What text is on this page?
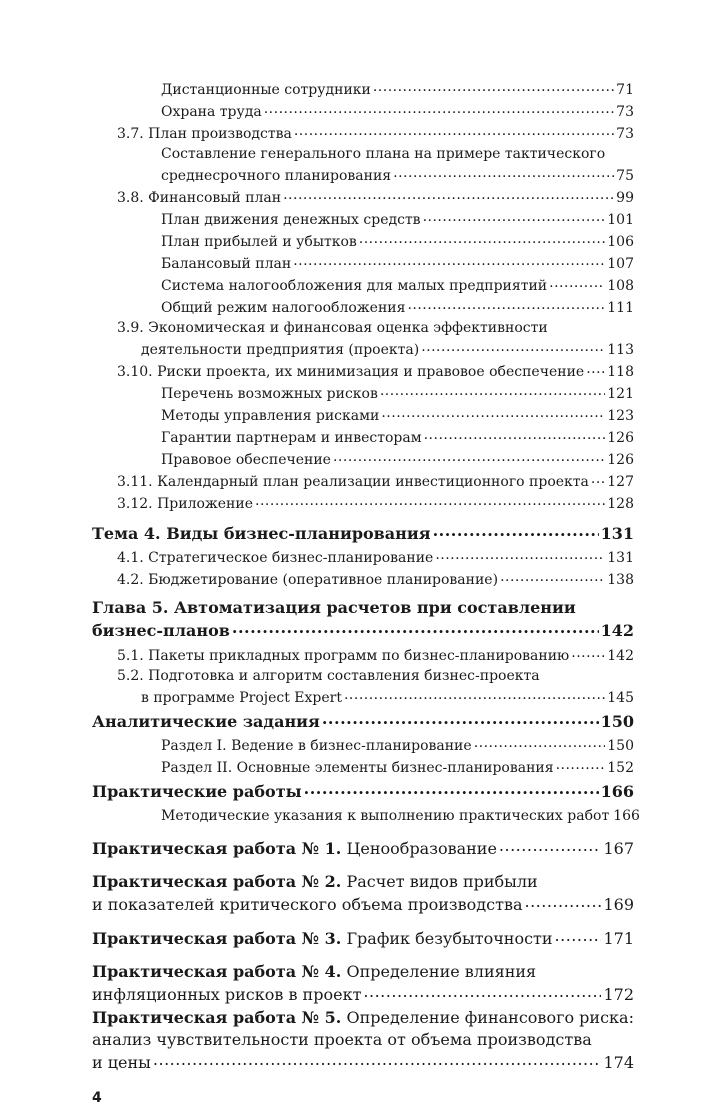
Дистанционные сотрудники .....	71
Охрана труда .....	73
3.7. План производства .....	73
Составление генерального плана на примере тактического
среднесрочного планирования .....	75
3.8. Финансовый план .....	99
План движения денежных средств .....	101
План прибылей и убытков .....	106
Балансовый план .....	107
Система налогообложения для малых предприятий .....	108
Общий режим налогообложения .....	111
3.9. Экономическая и финансовая оценка эффективности
деятельности предприятия (проекта) .....	113
3.10. Риски проекта, их минимизация и правовое обеспечение ..... 118
Перечень возможных рисков .....	121
Методы управления рисками .....	123
Гарантии партнерам и инвесторам .....	126
Правовое обеспечение .....	126
3.11. Календарный план реализации инвестиционного проекта ..... 127
3.12. Приложение .....	128
Тема 4. Виды бизнес-планирования .....	131
4.1. Стратегическое бизнес-планирование .....	131
4.2. Бюджетирование (оперативное планирование) .....	138
Глава 5. Автоматизация расчетов при составлении
бизнес-планов .....	142
5.1. Пакеты прикладных программ по бизнес-планированию .....	142
5.2. Подготовка и алгоритм составления бизнес-проекта
в программе Project Expert .....	145
Аналитические задания .....	150
Раздел I. Ведение в бизнес-планирование .....	150
Раздел II. Основные элементы бизнес-планирования .....	152
Практические работы .....	166
Методические указания к выполнению практических работ 166
Практическая работа № 1. Ценообразование .....	167
Практическая работа № 2. Расчет видов прибыли
и показателей критического объема производства .....	169
Практическая работа № 3. График безубыточности .....	171
Практическая работа № 4. Определение влияния
инфляционных рисков в проект .....	172
Практическая работа № 5. Определение финансового риска:
анализ чувствительности проекта от объема производства
и цены .....	174
4
